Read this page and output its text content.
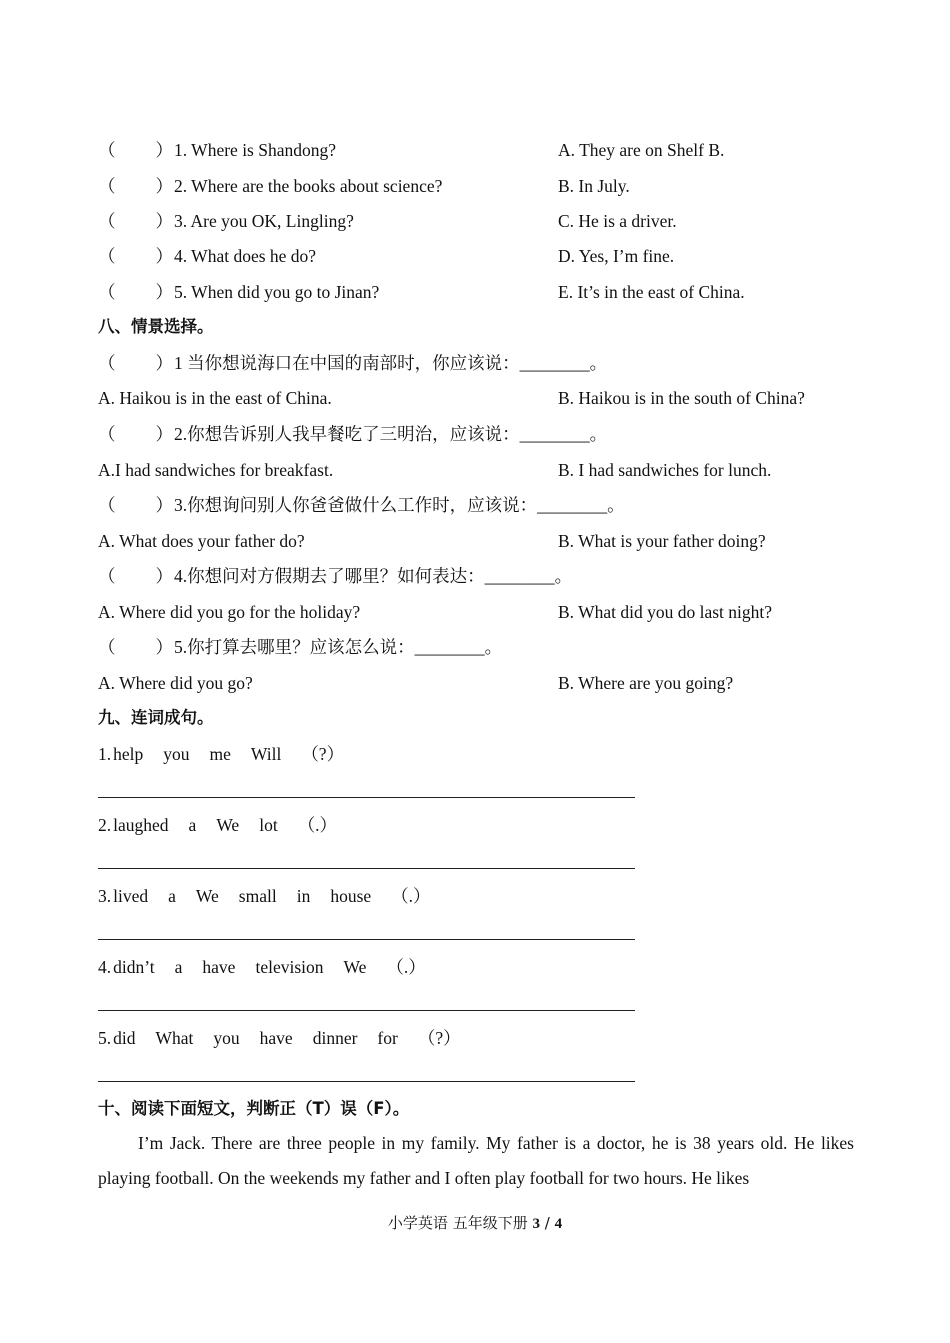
（ ）1. Where is Shandong?	A. They are on Shelf B.
（ ）2. Where are the books about science?	B. In July.
（ ）3. Are you OK, Lingling?	C. He is a driver.
（ ）4. What does he do?	D. Yes, I’m fine.
（ ）5. When did you go to Jinan?	E. It’s in the east of China.
八、情景选择。
（ ）1 当你想说海口在中国的南部时，你应该说：________。
A. Haikou is in the east of China.	B. Haikou is in the south of China?
（ ）2.你想告诉别人我早餐吃了三明治，应该说：________。
A.I had sandwiches for breakfast.	B. I had sandwiches for lunch.
（ ）3.你想询问别人你爸爸做什么工作时，应该说：________。
A. What does your father do?	B. What is your father doing?
（ ）4.你想问对方假期去了哪里？如何表达：________。
A. Where did you go for the holiday?	B. What did you do last night?
（ ）5.你打算去哪里？应该怎么说：________。
A. Where did you go?	B. Where are you going?
九、连词成句。
1. help you me Will （?）
2. laughed a We lot （.）
3. lived a We small in house （.）
4. didn’t a have television We （.）
5. did What you have dinner for （?）
十、阅读下面短文，判断正（T）误（F）。
I’m Jack. There are three people in my family. My father is a doctor, he is 38 years old. He likes playing football. On the weekends my father and I often play football for two hours. He likes
小学英语 五年级下册 3 / 4
